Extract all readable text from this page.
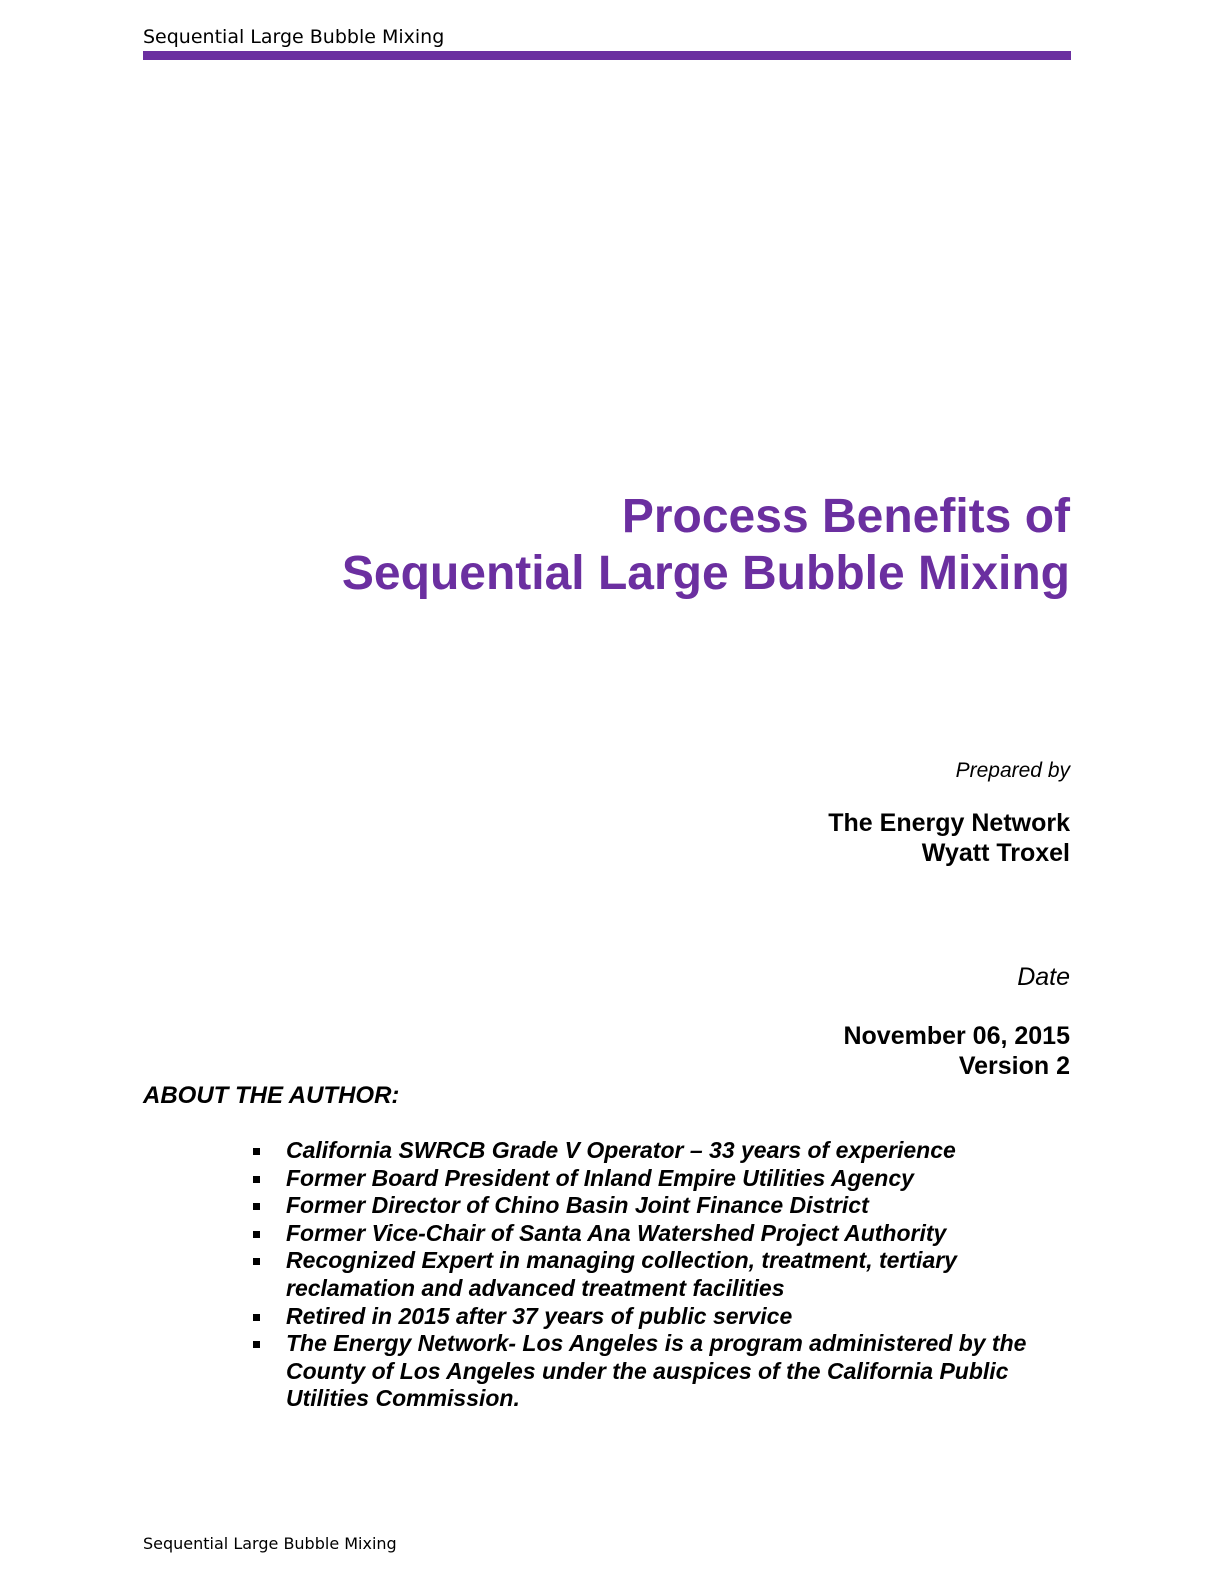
Sequential Large Bubble Mixing
Process Benefits of
Sequential Large Bubble Mixing
Prepared by
The Energy Network
Wyatt Troxel
Date
November 06, 2015
Version 2
ABOUT THE AUTHOR:
California SWRCB Grade V Operator – 33 years of experience
Former Board President of Inland Empire Utilities Agency
Former Director of Chino Basin Joint Finance District
Former Vice-Chair of Santa Ana Watershed Project Authority
Recognized Expert in managing collection, treatment, tertiary reclamation and advanced treatment facilities
Retired in 2015 after 37 years of public service
The Energy Network- Los Angeles is a program administered by the County of Los Angeles under the auspices of the California Public Utilities Commission.
Sequential Large Bubble Mixing
